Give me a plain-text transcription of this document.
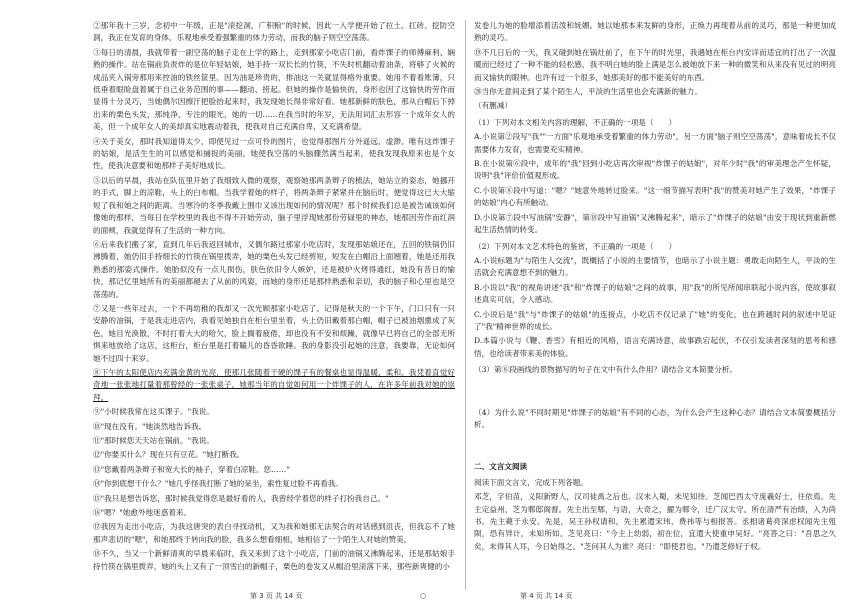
②那年我十三岁，念初中一年级，正是"滚挖洞，广积粮"的时候，因此一入学便开始了拉土、扛砖、挖防空洞，我正在发育的身体，乐观地承受着强繁重的体力劳动，而我的脑子则空空荡荡。

③每日的清晨，我就带着一副空荡的脑子走在上学的路上，走到那家小吃店门前，看炸馃子的师傅麻利、娴熟的操作。站在锅前负责炸的是位年轻姑娘，她手持一双长长的竹筷，不失时机翻动着油条，将够了火候的成品夹入锅旁那用来控油的铁丝筐里。因为油是珍贵的，排油这一关就显得格外重要。她用不着看账簿，只低垂着眼睑盘着属于自己业务范围的事——翻动、捞起。但她的操作是愉快的，身形也因了这愉快的劳作而显得十分灵巧，当她偶尔因擦汗把脸抬起来时，我发现她长得非常好看。她那新鲜的肤色，那从白帽后下掉出来的栗色头发，那纯净、专注的眼光，她的一切……在我当时的年岁，无法用词汇去形容一个成年女人的美，但一个成年女人的美却真实地震动着我，使我对自己充满自卑，又充满希望。

④关于美女，那时我知道得太少，即使见过一点可怜的图片，也觉得那图片分外遥远、虚渺。唯有这炸馃子的姑娘，是活生生的可以感觉和捕捉的美丽。她使我空荡的头脑骤然满当起来，使我发现我原来也是个女性，使我决意要和她那样子美好地成长。

⑤以后的早晨，我站在队伍里开始了我细致入微的观察，观察她那两条辫子的梳法，她站立的姿态，她挪开的手式，脚上的凉鞋，头上的白布帽。当我学着她的样子，将两条辫子紧紧并在脑后时，便觉得这已大大缩短了我和她之间的距离。当寒冷的冬季我戴上围巾又该出现如何的情况呢？那个时候我们总是被告诫该如何像她的那样，当每日在学校里的我也不得不开始劳动，脑子里浮现她那份劳碌里的神态，她那因劳作而红润的面颊，我就觉得有了生活的一种方向。

⑥后来我们搬了家，直到几年后我返回城市，又偶尔路过那家小吃店时，发现那姑娘还在，五回的铁锅仍旧沸腾着，她仍旧手持细长的竹筷在锅里拨弄，她的栗色头发已经剪短，短发在白帽沿上面翘着，她是还用我熟悉的那姿式操作。她胎似没有一点儿损伤，肤色依旧令人嫉妒，还是被炉火烤得通红，她没有昔日的愉快，那记忆里她所有的美丽都褪去了从前的风姿，而她的身形还是那样熟悉和亲切，我的脑子和心里也是空荡荡的。

⑦又是一些年过去，一个不再幼稚的我却又一次光顾那家小吃店了。记得是秋天的一个下午，门口只有一只安静的油锅，于是我走进店内，我看见她独自在柜台里坐着，头上仍旧戴着那白帽，帽子已被油烟熏成了灰色，她目光涣散，不时打着大大的哈欠，脸上搁着疲倦，却也没有不安和烦躁，就像早已将自己的全部无所惧来地放给了这店，这柜台，柜台里是打着瞌儿的昏昏欲睡。我的身影没引起她的注意，我要靠，无论如何她不过四十来岁。

⑧下午的太阳使店内充满金黄的光亮，使那几张随着干硬的馃子有的餐桌也显得温暖、柔和。我凭着直觉好奇地一张张地打量着那曾经的一张张桌子，她那当年的自觉如何用一个炸馃子的人，在许多年前我对她的崇拜。

⑨"小时候我常在这买馃子。"我说。

⑩"现在没有。"她淡然地告诉我。

⑪"那时候您天天站在锅前。"我说。

⑫"你要买什么？现在只有豆花。"她打断我。

⑬"您戴着两条辫子和宽大长的袖子，穿着白凉鞋。您……"

⑭"你到底想干什么？"她几乎怪我打断了她的呆坐，索性复过脸不再看我。

⑮"我只是想告诉您，那时候我觉得您是最好看的人，我曾经学着您的样子打扮我自己。"

⑯"嗯？"她愈外地迷惑着来。

⑰我因为走出小吃店，为我这唐突的表白寻找动机，又为我和她那无法契合的对话感到沮丧，但我忘不了她那声悲切的"嗯"，和她那终于转向我的脸，我多么想看细相，她相信了一个陌生人对她的赞美。

⑱不久，当又一个新鲜清爽的早晨来临时，我又来到了这个小吃店，门前的油锅又沸腾起来，还是那姑娘手持竹筷在锅里拨弄，她的头上又有了一顶雪白的新帽子，栗色的卷发又从帽沿里滚落下来，那些新爽健的小

发卷儿为她的脸增添着活泼和妩媚。她以她那本来发鲜的身形，正焕力再现着从前的灵巧，那是一种更加成熟的灵巧。

⑲不几日后的一天，我又碰到她在锅灶前了，在下午的时光里，我遇她在柜台内安详而适宜的打出了一次温暖而已经过了一种不能的轻松感，我不明白她的脸上满是怎么被她放下来一种的微笑和从来没有见过的明亮而又愉快的眼神。也许有过一个很多，她那美好的那不能美好的东西。

⑳当你无意间走到了某个陌生人，平淡的生活里也会充满新的魅力。

（有删减）

（1）下列对本文相关内容的理解，不正确的一项是（　　）

A.小说第②段写"我""一方面"乐观地承受着繁重的体力劳动"，另一方面"脑子则空空荡荡"，意味着成长不仅需要体力发育，也需要充实精神。

B.在小说第⑥段中，成年的"我"回到小吃店再次审视"炸馃子的姑娘"，对年少时"我"的审美理念产生怀疑，说明"我"评价价值观形成。

C.小说第⑧段中写道："嗯？"她意外地转过脸来。"这一细节描写表明"我"的赞美对她产生了效果，"炸馃子的姑娘"内心有所触动。

D.小说第⑦段中写油锅"安静"，第⑱段中写油锅"又沸腾起来"，暗示了"炸馃子的姑娘"由安于现状到重新燃起生活热情的转变。

（2）下列对本文艺术特色的鉴赏，不正确的一项是（　　）

A.小说标题为"与陌生人交流"，既概括了小说的主要情节，也暗示了小说主题：勇敢走向陌生人，平淡的生活就会充满意想不到的魅力。

B.小说以"我"的视角讲述"我"和"炸馃子的姑娘"之间的故事，用"我"的所见所闻串联起小说内容，使故事叙述真实可信，令人感动。

C.小说后是"我"与"炸馃子的姑娘"的连接点，小吃店不仅记录了"她"的变化，也在跨越时间的叙述中见证了"我"精神世界的成长。

D.本篇小说与《鞭、香雪》有相近的风格，语言充满诗意，故事跌宕起伏，不仅引发读者深刻的思考和感悟，也给读者带来美的体验。

（3）第⑧段画线的景物描写的句子在文中有什么作用？请结合文本简要分析。

（4）为什么说"不同时期见"炸馃子的姑娘"有不同的心态，为什么会产生这种心态？请结合文本简要概括分析。

二、文言文阅读

阅读下面文言文，完成下列各题。

邓芝，字伯苗，义阳新野人，汉司徒禹之后也。汉末入蜀，未见知待。芝闻巴西太守庞羲好士，往依焉。先主定益州，芝为郫邸阁督。先主出至郫，与语，大奇之，擢为郫令，迁广汉太守。所在清严有治绩，入为尚书。先主薨于永安。先是，吴王孙权请和，先主累遣宋玮、费祎等与相报答。丞相诸葛亮深虑权闻先主殂陨，恐有异计，未知所如。芝见亮曰："今主上幼弱，初在位，宜遣大使重申吴好。"亮答之曰："吾思之久矣，未得其人耳，今日始得之。"芝问其人为谁？亮曰："即使君也。"乃遣芝修好于权。

第 3 页 共 14 页	○	第 4 页 共 14 页
